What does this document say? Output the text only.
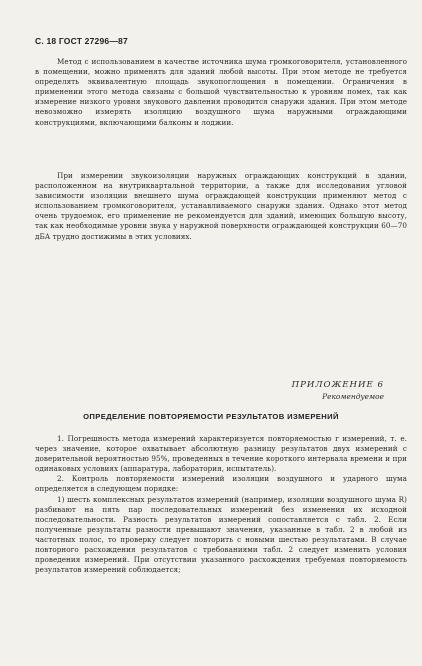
С. 18 ГОСТ 27296—87

Метод с использованием в качестве источника шума громкоговорителя, установленного в помещении, можно применять для зданий любой высоты. При этом методе не требуется определять эквивалентную площадь звукопоглощения в помещении. Ограничения в применении этого метода связаны с большой чувствительностью к уровням помех, так как измерение низкого уровня звукового давления проводится снаружи здания. При этом методе невозможно измерять изоляцию воздушного шума наружными ограждающими конструкциями, включающими балконы и лоджии.

При измерении звукоизоляции наружных ограждающих конструкций в здании, расположенном на внутриквартальной территории, а также для исследования угловой зависимости изоляции внешнего шума ограждающей конструкции применяют метод с использованием громкоговорителя, устанавливаемого снаружи здания. Однако этот метод очень трудоемок, его применение не рекомендуется для зданий, имеющих большую высоту, так как необходимые уровни звука у наружной поверхности ограждающей конструкции 60—70 дБА трудно достижимы в этих условиях.

ПРИЛОЖЕНИЕ 6
Рекомендуемое
ОПРЕДЕЛЕНИЕ ПОВТОРЯЕМОСТИ РЕЗУЛЬТАТОВ ИЗМЕРЕНИЙ

1. Погрешность метода измерений характеризуется повторяемостью r измерений, т. е. через значение, которое охватывает абсолютную разницу результатов двух измерений с доверительной вероятностью 95%, проведенных в течение короткого интервала времени и при одинаковых условиях (аппаратура, лаборатория, испытатель).

2. Контроль повторяемости измерений изоляции воздушного и ударного шума определяется в следующем порядке:

1) шесть комплексных результатов измерений (например, изоляции воздушного шума R) разбивают на пять пар последовательных измерений без изменения их исходной последовательности. Разность результатов измерений сопоставляется с табл. 2. Если полученные результаты разности превышают значения, указанные в табл. 2 в любой из частотных полос, то проверку следует повторить с новыми шестью результатами. В случае повторного расхождения результатов с требованиями табл. 2 следует изменить условия проведения измерений. При отсутствии указанного расхождения требуемая повторяемость результатов измерений соблюдается;
